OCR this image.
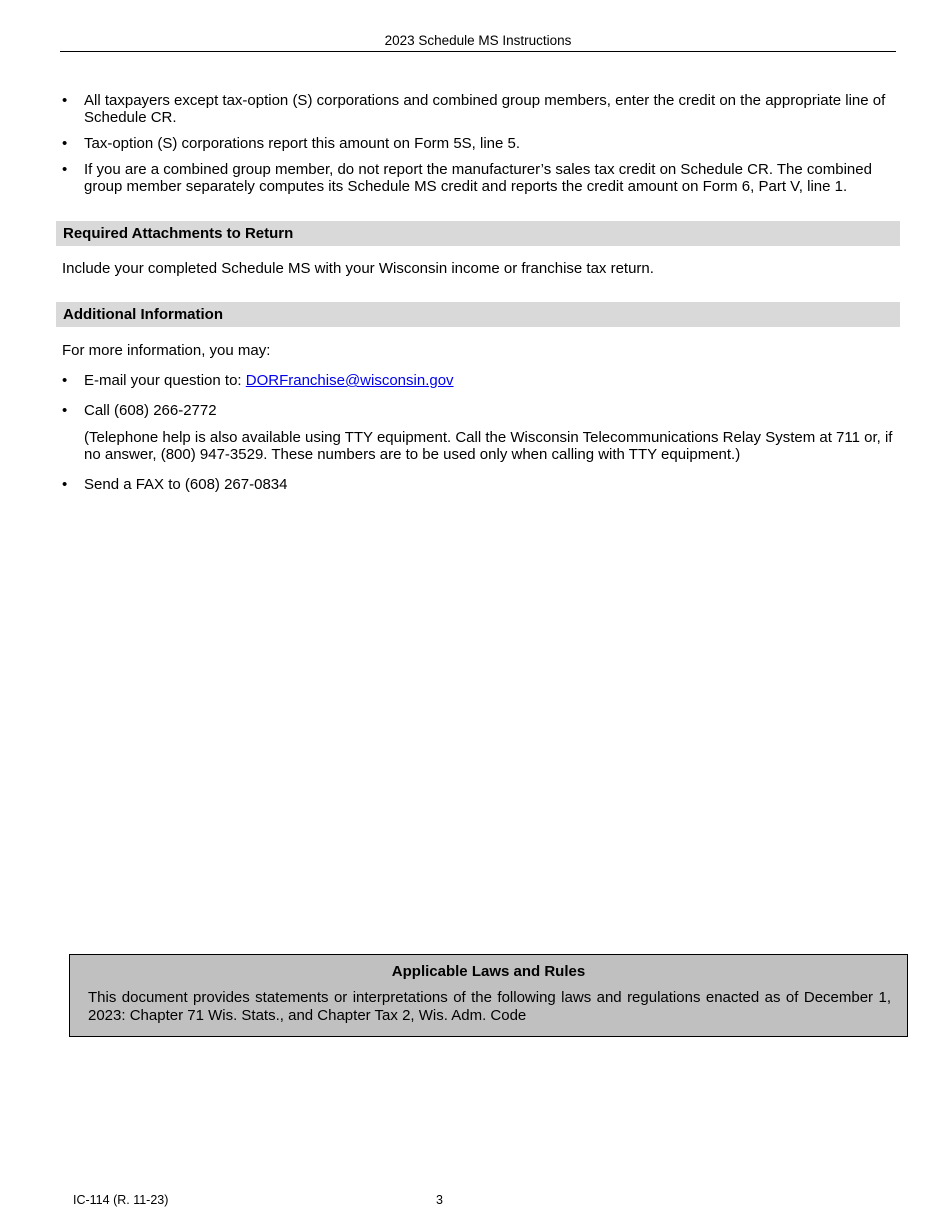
2023 Schedule MS Instructions
•	All taxpayers except tax-option (S) corporations and combined group members, enter the credit on the appropriate line of Schedule CR.
•	Tax-option (S) corporations report this amount on Form 5S, line 5.
•	If you are a combined group member, do not report the manufacturer’s sales tax credit on Schedule CR. The combined group member separately computes its Schedule MS credit and reports the credit amount on Form 6, Part V, line 1.
Required Attachments to Return
Include your completed Schedule MS with your Wisconsin income or franchise tax return.
Additional Information
For more information, you may:
•	E-mail your question to: DORFranchise@wisconsin.gov
•	Call (608) 266-2772
(Telephone help is also available using TTY equipment. Call the Wisconsin Telecommunications Relay System at 711 or, if no answer, (800) 947-3529. These numbers are to be used only when calling with TTY equipment.)
•	Send a FAX to (608) 267-0834
Applicable Laws and Rules
This document provides statements or interpretations of the following laws and regulations enacted as of December 1, 2023: Chapter 71 Wis. Stats., and Chapter Tax 2, Wis. Adm. Code
IC-114 (R. 11-23)	3
